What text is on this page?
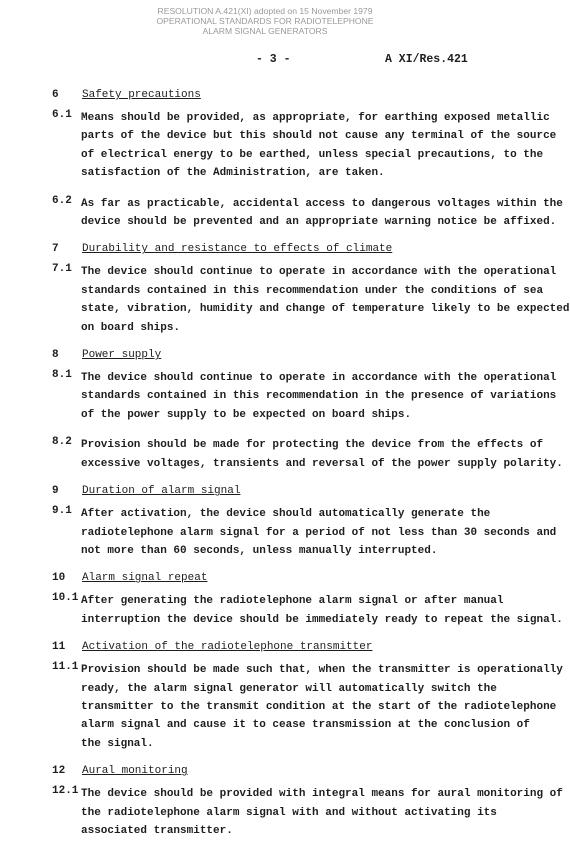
RESOLUTION A.421(XI) adopted on 15 November 1979
OPERATIONAL STANDARDS FOR RADIOTELEPHONE
ALARM SIGNAL GENERATORS
- 3 -	A XI/Res.421
6 Safety precautions
6.1 Means should be provided, as appropriate, for earthing exposed metallic
parts of the device but this should not cause any terminal of the source
of electrical energy to be earthed, unless special precautions, to the
satisfaction of the Administration, are taken.
6.2 As far as practicable, accidental access to dangerous voltages within the
device should be prevented and an appropriate warning notice be affixed.
7 Durability and resistance to effects of climate
7.1 The device should continue to operate in accordance with the operational
standards contained in this recommendation under the conditions of sea
state, vibration, humidity and change of temperature likely to be expected
on board ships.
8 Power supply
8.1 The device should continue to operate in accordance with the operational
standards contained in this recommendation in the presence of variations
of the power supply to be expected on board ships.
8.2 Provision should be made for protecting the device from the effects of
excessive voltages, transients and reversal of the power supply polarity.
9 Duration of alarm signal
9.1 After activation, the device should automatically generate the
radiotelephone alarm signal for a period of not less than 30 seconds and
not more than 60 seconds, unless manually interrupted.
10 Alarm signal repeat
10.1 After generating the radiotelephone alarm signal or after manual
interruption the device should be immediately ready to repeat the signal.
11 Activation of the radiotelephone transmitter
11.1 Provision should be made such that, when the transmitter is operationally
ready, the alarm signal generator will automatically switch the
transmitter to the transmit condition at the start of the radiotelephone
alarm signal and cause it to cease transmission at the conclusion of
the signal.
12 Aural monitoring
12.1 The device should be provided with integral means for aural monitoring of
the radiotelephone alarm signal with and without activating its
associated transmitter.
